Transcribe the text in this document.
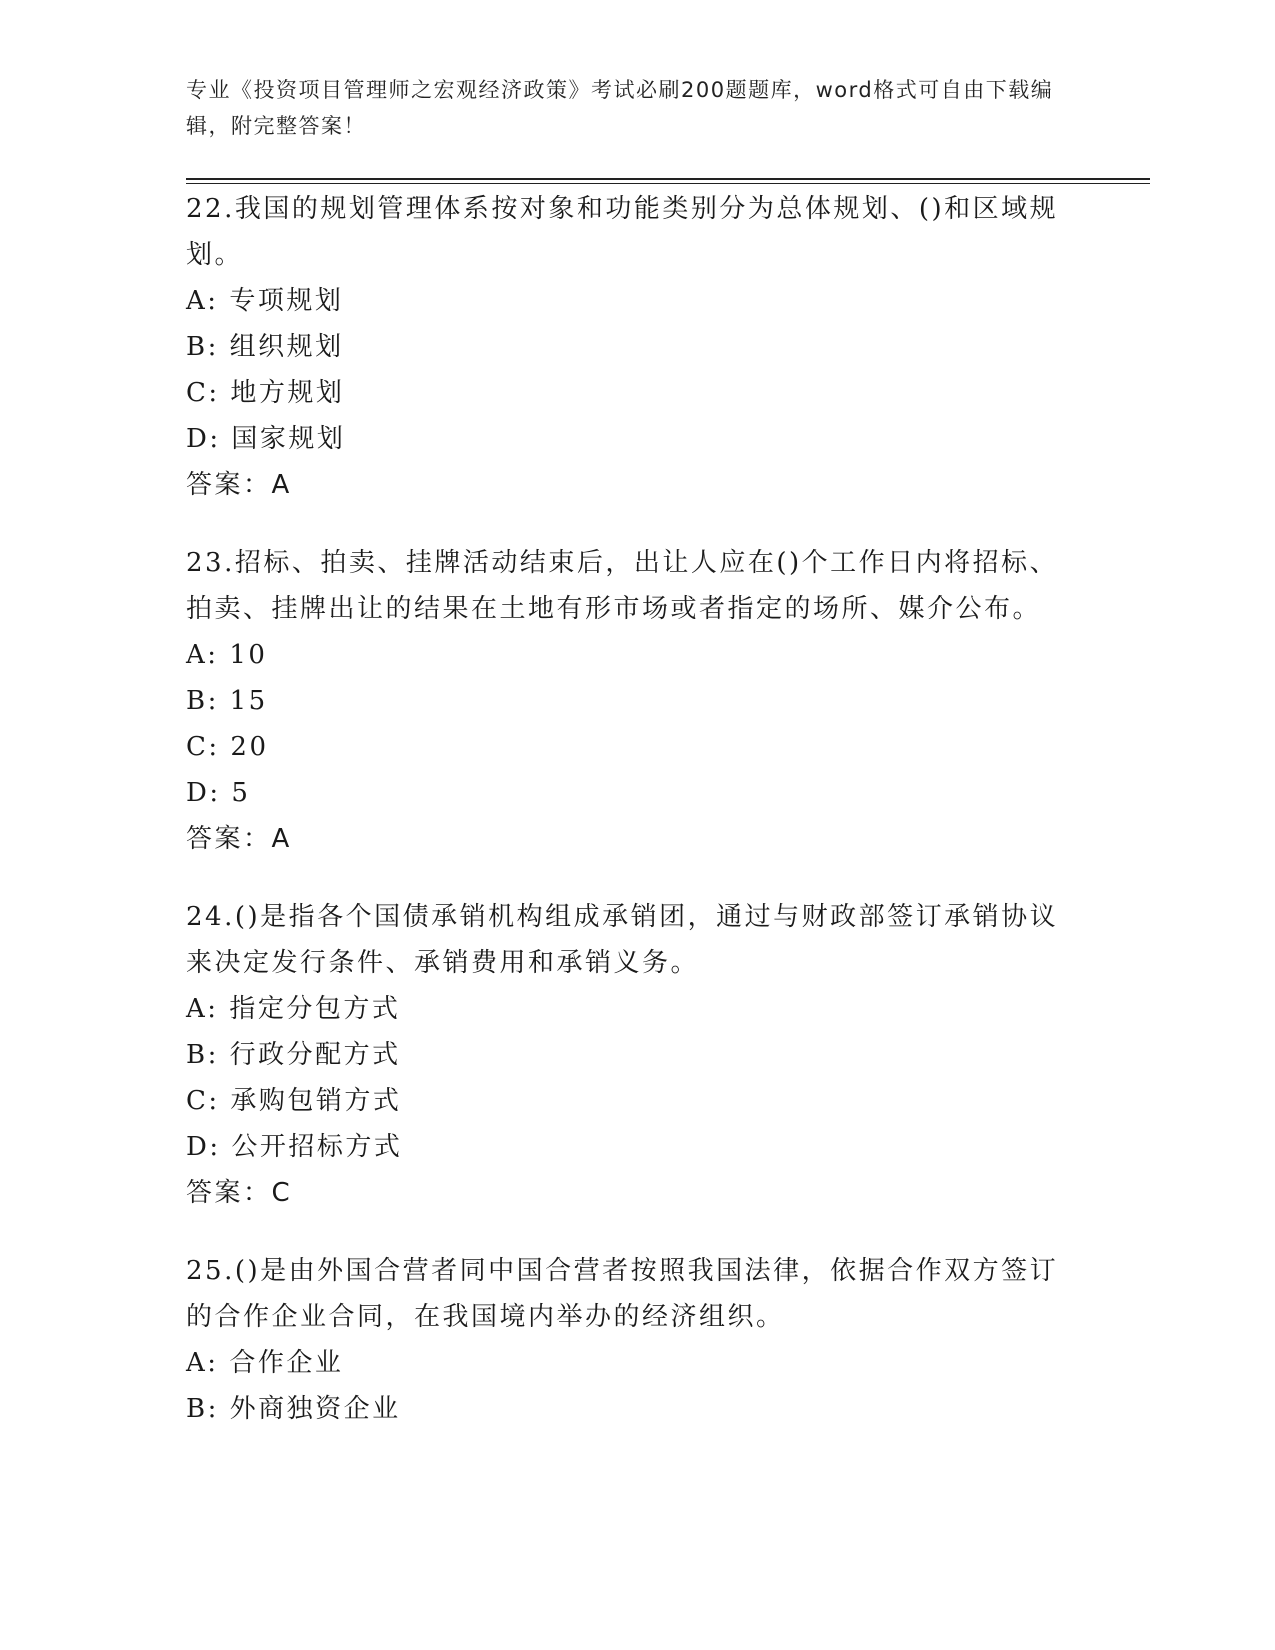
专业《投资项目管理师之宏观经济政策》考试必刷200题题库，word格式可自由下载编辑，附完整答案！

22.我国的规划管理体系按对象和功能类别分为总体规划、()和区域规划。

A: 专项规划

B: 组织规划

C: 地方规划

D: 国家规划

答案：A

23.招标、拍卖、挂牌活动结束后，出让人应在()个工作日内将招标、拍卖、挂牌出让的结果在土地有形市场或者指定的场所、媒介公布。

A: 10

B: 15

C: 20

D: 5

答案：A

24.()是指各个国债承销机构组成承销团，通过与财政部签订承销协议来决定发行条件、承销费用和承销义务。

A: 指定分包方式

B: 行政分配方式

C: 承购包销方式

D: 公开招标方式

答案：C

25.()是由外国合营者同中国合营者按照我国法律，依据合作双方签订的合作企业合同，在我国境内举办的经济组织。

A: 合作企业

B: 外商独资企业
